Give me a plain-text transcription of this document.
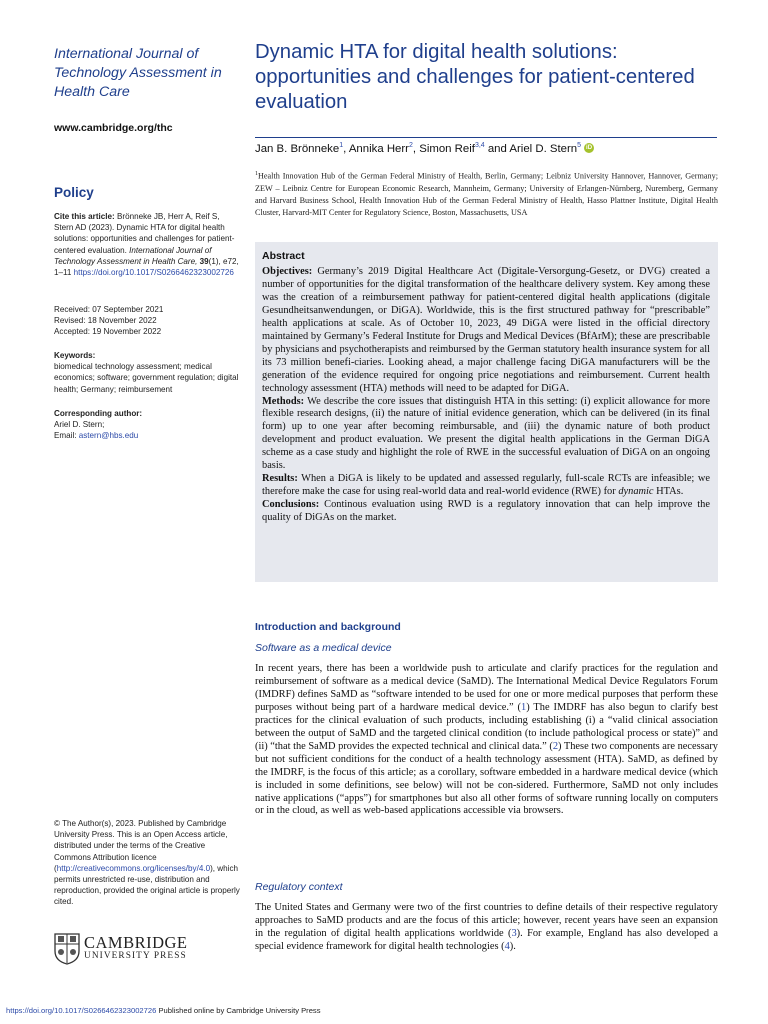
International Journal of Technology Assessment in Health Care
www.cambridge.org/thc
Policy
Cite this article: Brönneke JB, Herr A, Reif S, Stern AD (2023). Dynamic HTA for digital health solutions: opportunities and challenges for patient-centered evaluation. International Journal of Technology Assessment in Health Care, 39(1), e72, 1–11 https://doi.org/10.1017/S0266462323002726
Received: 07 September 2021
Revised: 18 November 2022
Accepted: 19 November 2022
Keywords:
biomedical technology assessment; medical economics; software; government regulation; digital health; Germany; reimbursement
Corresponding author:
Ariel D. Stern;
Email: astern@hbs.edu
© The Author(s), 2023. Published by Cambridge University Press. This is an Open Access article, distributed under the terms of the Creative Commons Attribution licence (http://creativecommons.org/licenses/by/4.0), which permits unrestricted re-use, distribution and reproduction, provided the original article is properly cited.
CAMBRIDGE
UNIVERSITY PRESS
Dynamic HTA for digital health solutions: opportunities and challenges for patient-centered evaluation
Jan B. Brönneke$^1$, Annika Herr$^2$, Simon Reif$^{3,4}$ and Ariel D. Stern$^5$ iD
$^1$Health Innovation Hub of the German Federal Ministry of Health, Berlin, Germany; Leibniz University Hannover, Hannover, Germany; ZEW – Leibniz Centre for European Economic Research, Mannheim, Germany; University of Erlangen-Nürnberg, Nuremberg, Germany and Harvard Business School, Health Innovation Hub of the German Federal Ministry of Health, Hasso Plattner Institute, Digital Health Cluster, Harvard-MIT Center for Regulatory Science, Boston, Massachusetts, USA
Abstract
Objectives: Germany’s 2019 Digital Healthcare Act (Digitale-Versorgung-Gesetz, or DVG) created a number of opportunities for the digital transformation of the healthcare delivery system. Key among these was the creation of a reimbursement pathway for patient-centered digital health applications (digitale Gesundheitsanwendungen, or DiGA). Worldwide, this is the first structured pathway for “prescribable” health applications at scale. As of October 10, 2023, 49 DiGA were listed in the official directory maintained by Germany’s Federal Institute for Drugs and Medical Devices (BfArM); these are prescribable by physicians and psychotherapists and reimbursed by the German statutory health insurance system for all its 73 million benefi-ciaries. Looking ahead, a major challenge facing DiGA manufacturers will be the generation of the evidence required for ongoing price negotiations and reimbursement. Current health technology assessment (HTA) methods will need to be adapted for DiGA.
Methods: We describe the core issues that distinguish HTA in this setting: (i) explicit allowance for more flexible research designs, (ii) the nature of initial evidence generation, which can be delivered (in its final form) up to one year after becoming reimbursable, and (iii) the dynamic nature of both product development and product evaluation. We present the digital health applications in the German DiGA scheme as a case study and highlight the role of RWE in the successful evaluation of DiGA on an ongoing basis.
Results: When a DiGA is likely to be updated and assessed regularly, full-scale RCTs are infeasible; we therefore make the case for using real-world data and real-world evidence (RWE) for dynamic HTAs.
Conclusions: Continous evaluation using RWD is a regulatory innovation that can help improve the quality of DiGAs on the market.
Introduction and background
Software as a medical device
In recent years, there has been a worldwide push to articulate and clarify practices for the regulation and reimbursement of software as a medical device (SaMD). The International Medical Device Regulators Forum (IMDRF) defines SaMD as “software intended to be used for one or more medical purposes that perform these purposes without being part of a hardware medical device.” (1) The IMDRF has also begun to clarify best practices for the clinical evaluation of such products, including establishing (i) a “valid clinical association between the output of SaMD and the targeted clinical condition (to include pathological process or state)” and (ii) “that the SaMD provides the expected technical and clinical data.” (2) These two components are necessary but not sufficient conditions for the conduct of a health technology assessment (HTA). SaMD, as defined by the IMDRF, is the focus of this article; as a corollary, software embedded in a hardware medical device (which is included in some definitions, see below) will not be con-sidered. Furthermore, SaMD not only includes native applications (“apps”) for smartphones but also all other forms of software running locally on computers or in the cloud, as well as web-based applications accessible via browsers.
Regulatory context
The United States and Germany were two of the first countries to define details of their respective regulatory approaches to SaMD products and are the focus of this article; however, recent years have seen an expansion in the regulation of digital health applications worldwide (3). For example, England has also developed a special evidence framework for digital health technologies (4).
https://doi.org/10.1017/S0266462323002726 Published online by Cambridge University Press
